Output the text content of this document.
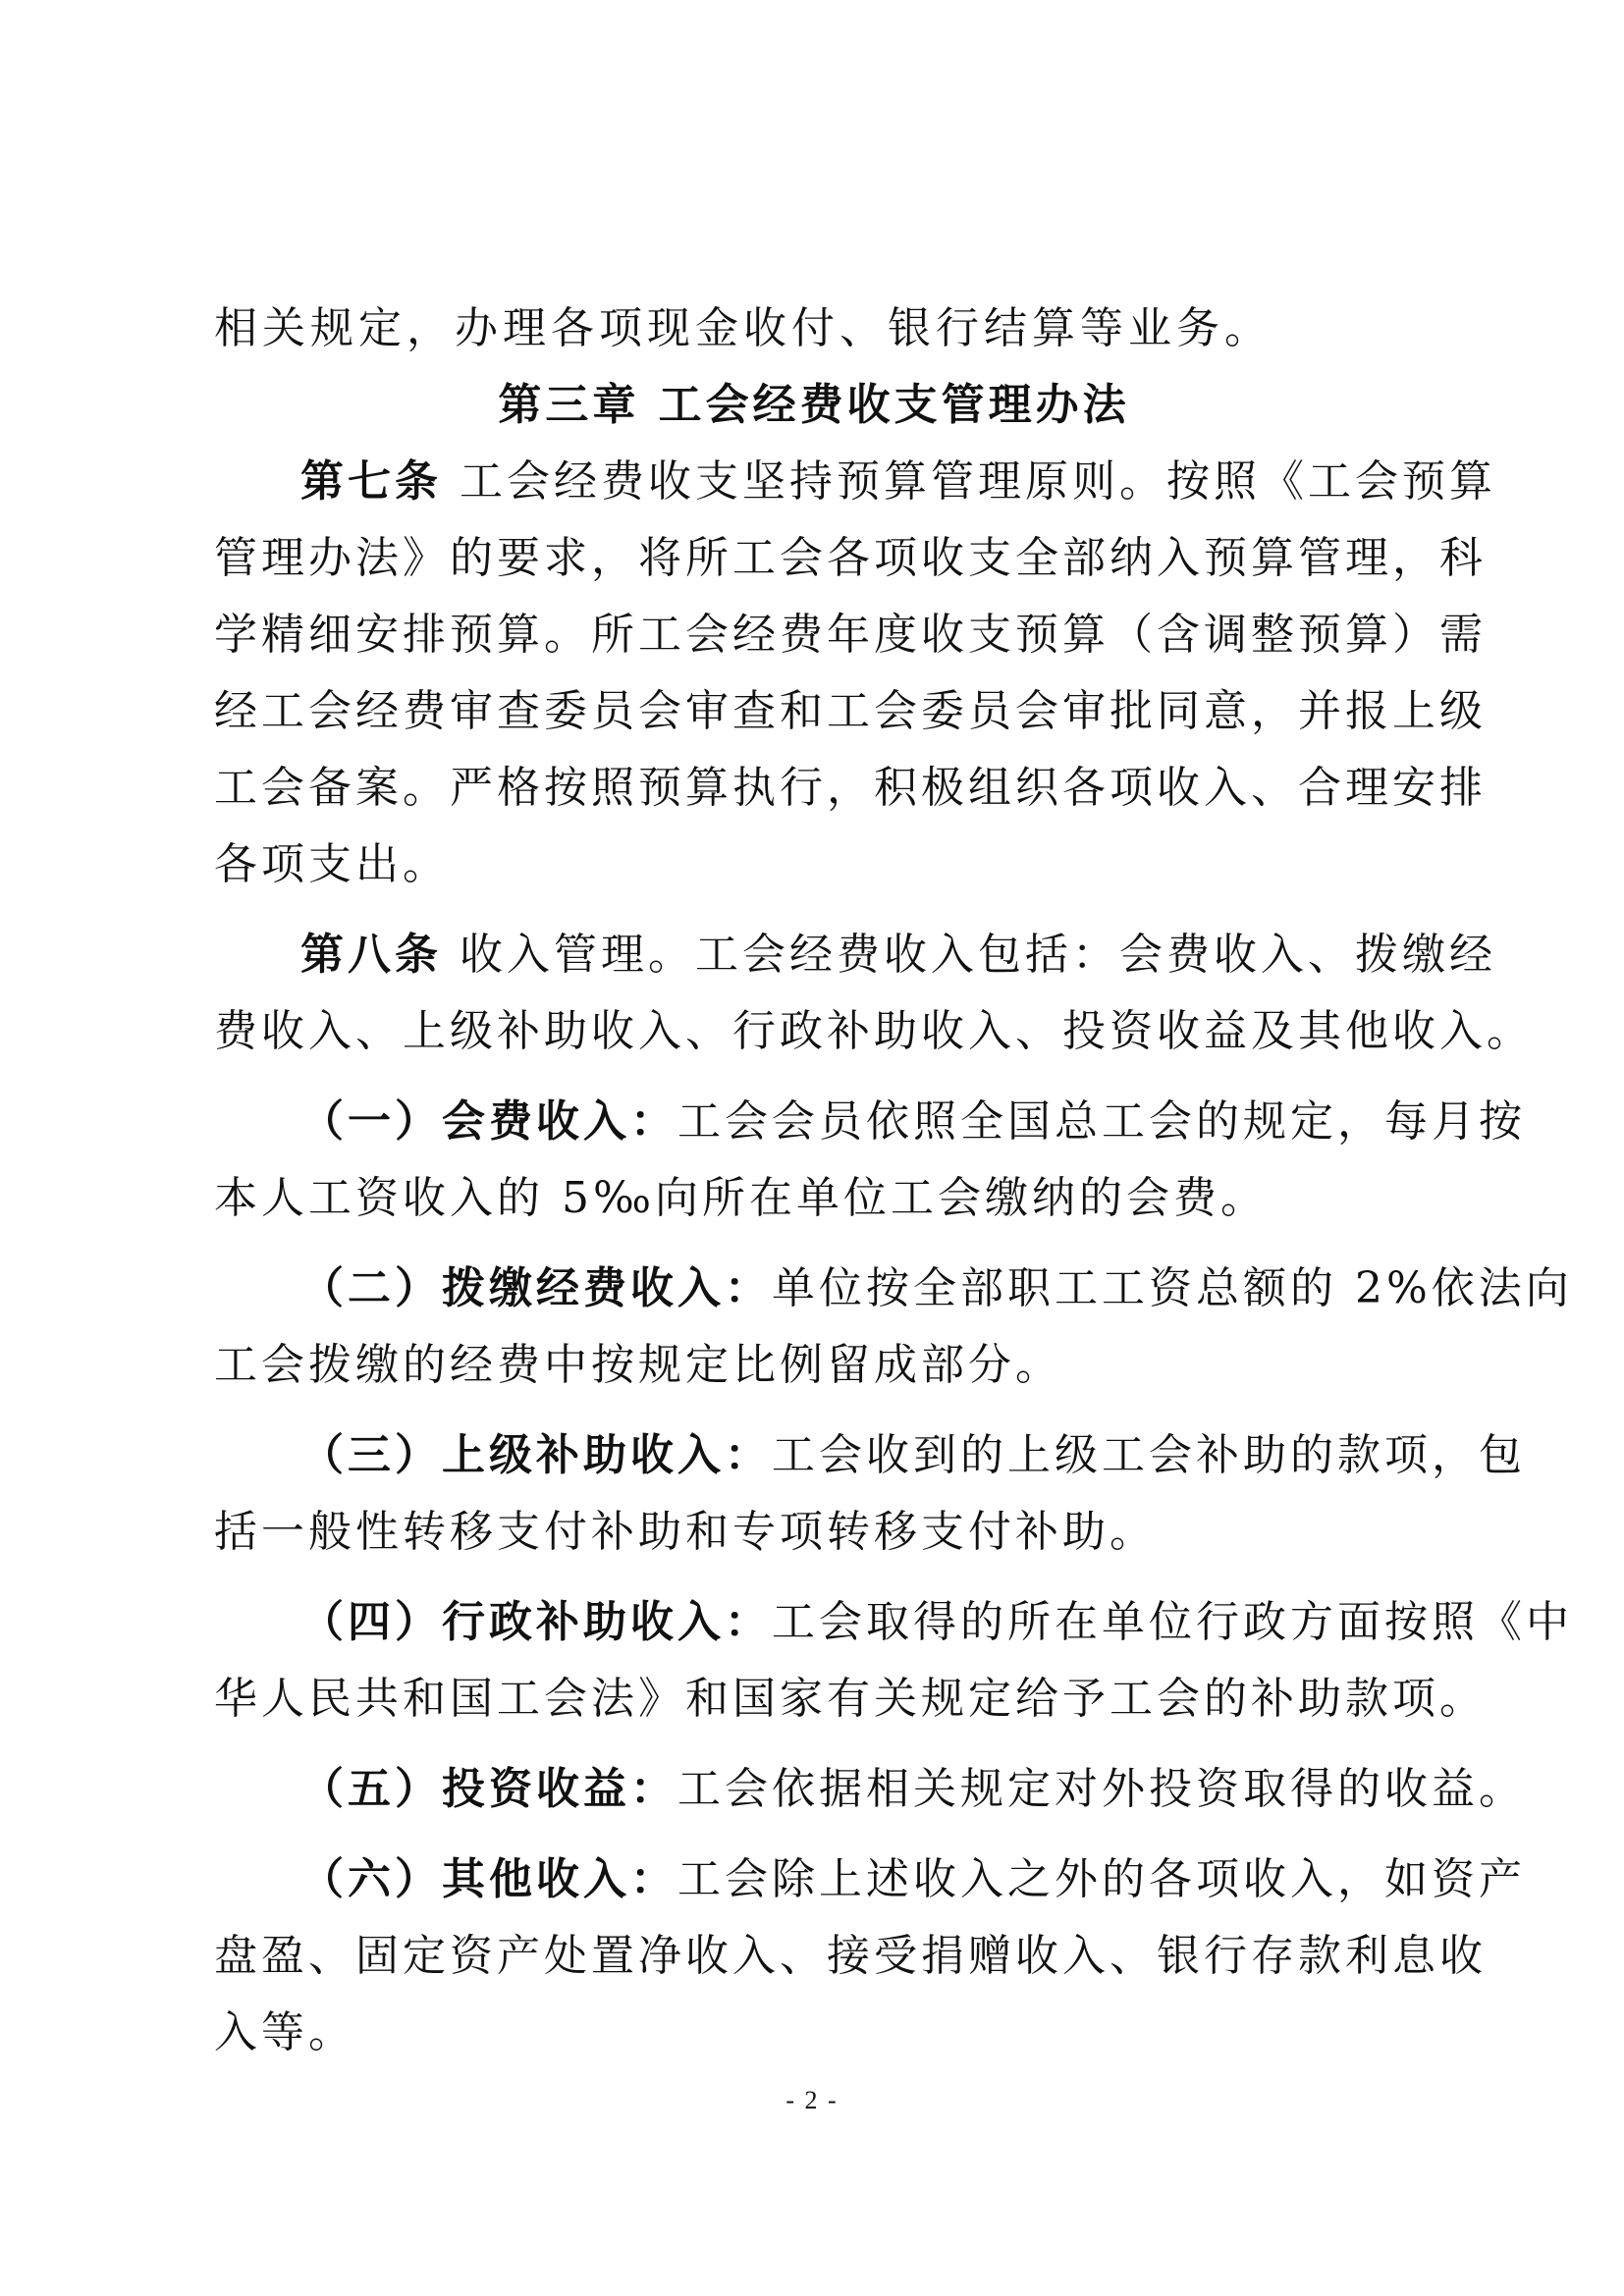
相关规定，办理各项现金收付、银行结算等业务。
第三章 工会经费收支管理办法
第七条 工会经费收支坚持预算管理原则。按照《工会预算
管理办法》的要求，将所工会各项收支全部纳入预算管理，科
学精细安排预算。所工会经费年度收支预算（含调整预算）需
经工会经费审查委员会审查和工会委员会审批同意，并报上级
工会备案。严格按照预算执行，积极组织各项收入、合理安排
各项支出。
第八条 收入管理。工会经费收入包括：会费收入、拨缴经
费收入、上级补助收入、行政补助收入、投资收益及其他收入。
（一）会费收入：工会会员依照全国总工会的规定，每月按
本人工资收入的 5‰向所在单位工会缴纳的会费。
（二）拨缴经费收入：单位按全部职工工资总额的 2%依法向
工会拨缴的经费中按规定比例留成部分。
（三）上级补助收入：工会收到的上级工会补助的款项，包
括一般性转移支付补助和专项转移支付补助。
（四）行政补助收入：工会取得的所在单位行政方面按照《中
华人民共和国工会法》和国家有关规定给予工会的补助款项。
（五）投资收益：工会依据相关规定对外投资取得的收益。
（六）其他收入：工会除上述收入之外的各项收入，如资产
盘盈、固定资产处置净收入、接受捐赠收入、银行存款利息收
入等。
- 2 -
